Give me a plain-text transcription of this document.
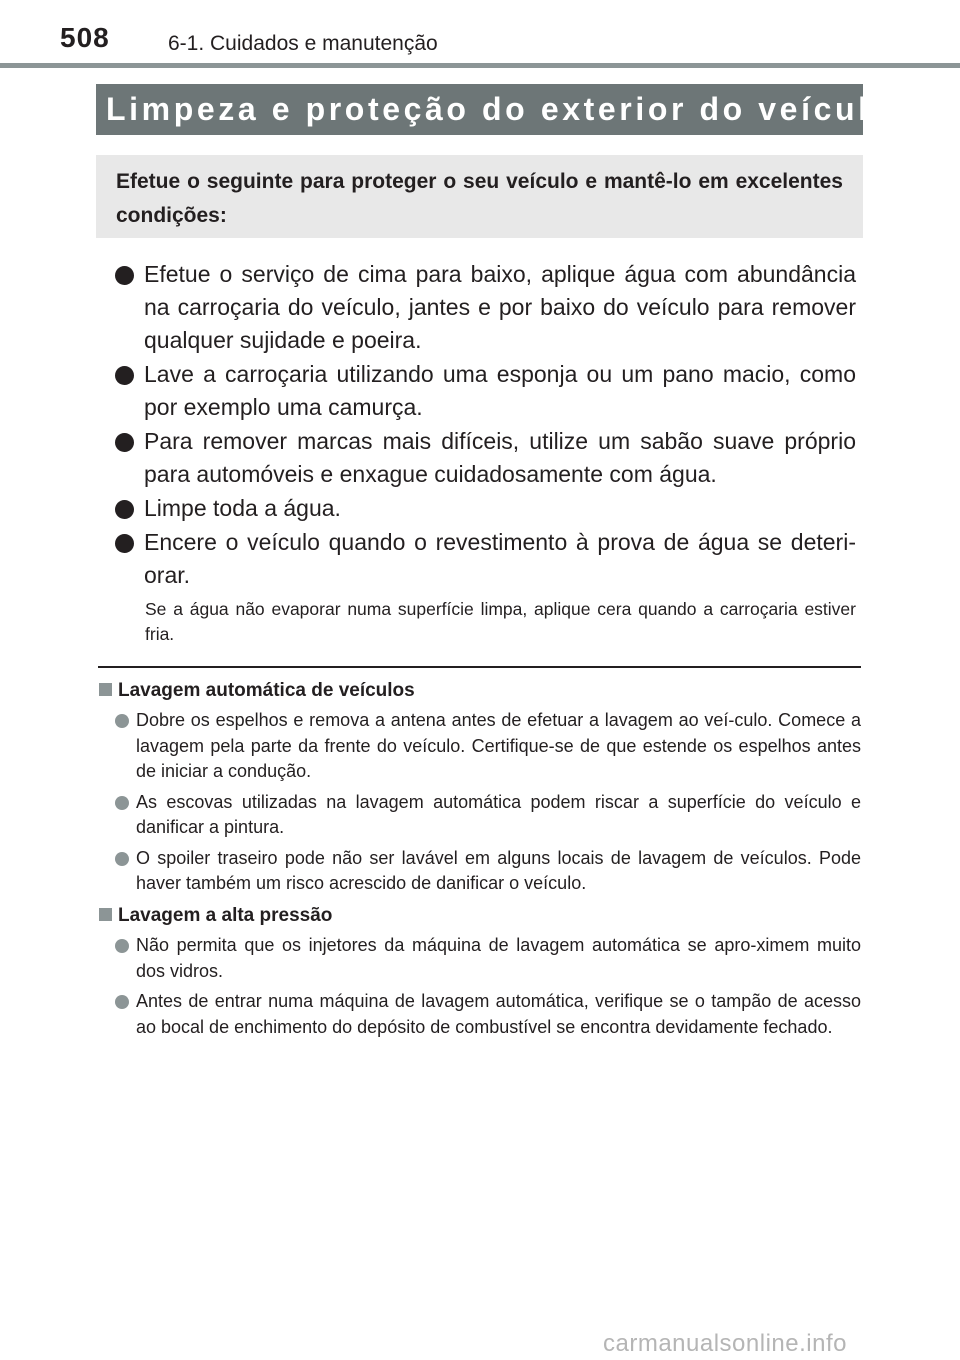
508	6-1. Cuidados e manutenção
Limpeza e proteção do exterior do veículo
Efetue o seguinte para proteger o seu veículo e mantê-lo em excelentes condições:
Efetue o serviço de cima para baixo, aplique água com abundância na carroçaria do veículo, jantes e por baixo do veículo para remover qualquer sujidade e poeira.
Lave a carroçaria utilizando uma esponja ou um pano macio, como por exemplo uma camurça.
Para remover marcas mais difíceis, utilize um sabão suave próprio para automóveis e enxague cuidadosamente com água.
Limpe toda a água.
Encere o veículo quando o revestimento à prova de água se deteri-orar.
Se a água não evaporar numa superfície limpa, aplique cera quando a carroçaria estiver fria.
Lavagem automática de veículos
Dobre os espelhos e remova a antena antes de efetuar a lavagem ao veí-culo. Comece a lavagem pela parte da frente do veículo. Certifique-se de que estende os espelhos antes de iniciar a condução.
As escovas utilizadas na lavagem automática podem riscar a superfície do veículo e danificar a pintura.
O spoiler traseiro pode não ser lavável em alguns locais de lavagem de veículos. Pode haver também um risco acrescido de danificar o veículo.
Lavagem a alta pressão
Não permita que os injetores da máquina de lavagem automática se apro-ximem muito dos vidros.
Antes de entrar numa máquina de lavagem automática, verifique se o tampão de acesso ao bocal de enchimento do depósito de combustível se encontra devidamente fechado.
carmanualsonline.info
